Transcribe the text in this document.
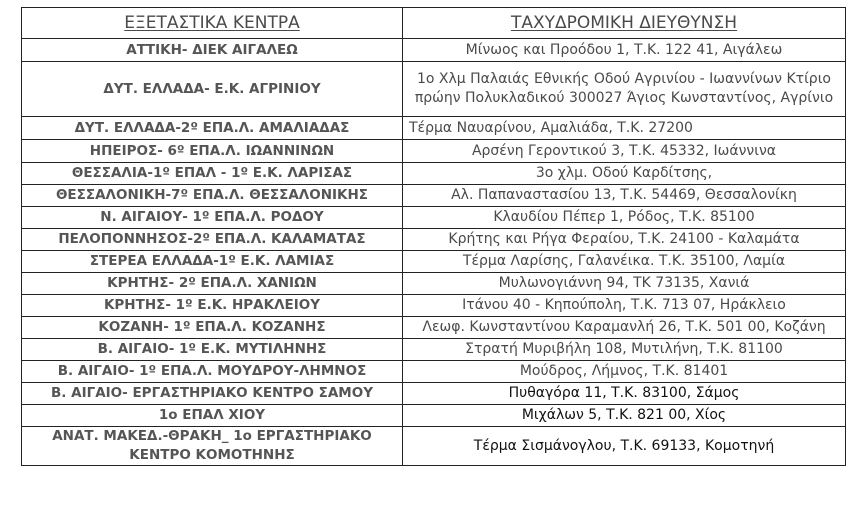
ΕΞΕΤΑΣΤΙΚΑ ΚΕΝΤΡΑ	ΤΑΧΥΔΡΟΜΙΚΗ ΔΙΕΥΘΥΝΣΗ
ΑΤΤΙΚΗ- ΔΙΕΚ ΑΙΓΑΛΕΩ	Μίνωος και Προόδου 1, Τ.Κ. 122 41, Αιγάλεω
ΔΥΤ. ΕΛΛΑΔΑ- Ε.Κ. ΑΓΡΙΝΙΟΥ	1ο Χλμ Παλαιάς Εθνικής Οδού Αγρινίου - Ιωαννίνων Κτίριο πρώην Πολυκλαδικού 300027 Άγιος Κωνσταντίνος, Αγρίνιο
ΔΥΤ. ΕΛΛΑΔΑ-2º ΕΠΑ.Λ. ΑΜΑΛΙΑΔΑΣ	Τέρμα Ναυαρίνου, Αμαλιάδα, Τ.Κ. 27200
ΗΠΕΙΡΟΣ- 6º ΕΠΑ.Λ. ΙΩΑΝΝΙΝΩΝ	Αρσένη Γεροντικού 3, Τ.Κ. 45332, Ιωάννινα
ΘΕΣΣΑΛΙΑ-1º ΕΠΑΛ - 1º Ε.Κ. ΛΑΡΙΣΑΣ	3ο χλμ. Οδού Καρδίτσης,
ΘΕΣΣΑΛΟΝΙΚΗ-7º ΕΠΑ.Λ. ΘΕΣΣΑΛΟΝΙΚΗΣ	Αλ. Παπαναστασίου 13, Τ.Κ. 54469, Θεσσαλονίκη
Ν. ΑΙΓΑΙΟΥ- 1º ΕΠΑ.Λ. ΡΟΔΟΥ	Κλαυδίου Πέπερ 1, Ρόδος, Τ.Κ. 85100
ΠΕΛΟΠΟΝΝΗΣΟΣ-2º ΕΠΑ.Λ. ΚΑΛΑΜΑΤΑΣ	Κρήτης και Ρήγα Φεραίου, Τ.Κ. 24100 - Καλαμάτα
ΣΤΕΡΕΑ ΕΛΛΑΔΑ-1º Ε.Κ. ΛΑΜΙΑΣ	Τέρμα Λαρίσης, Γαλανέικα. Τ.Κ. 35100, Λαμία
ΚΡΗΤΗΣ- 2º ΕΠΑ.Λ. ΧΑΝΙΩΝ	Μυλωνογιάννη 94, ΤΚ 73135, Χανιά
ΚΡΗΤΗΣ- 1º Ε.Κ. ΗΡΑΚΛΕΙΟΥ	Ιτάνου 40 - Κηπούπολη, Τ.Κ. 713 07, Ηράκλειο
ΚΟΖΑΝΗ- 1º ΕΠΑ.Λ. ΚΟΖΑΝΗΣ	Λεωφ. Κωνσταντίνου Καραμανλή 26, Τ.Κ. 501 00, Κοζάνη
Β. ΑΙΓΑΙΟ- 1º Ε.Κ. ΜΥΤΙΛΗΝΗΣ	Στρατή Μυριβήλη 108, Μυτιλήνη, Τ.Κ. 81100
Β. ΑΙΓΑΙΟ- 1º ΕΠΑ.Λ. ΜΟΥΔΡΟΥ-ΛΗΜΝΟΣ	Μούδρος, Λήμνος, Τ.Κ. 81401
Β. ΑΙΓΑΙΟ- ΕΡΓΑΣΤΗΡΙΑΚΟ ΚΕΝΤΡΟ ΣΑΜΟΥ	Πυθαγόρα 11, Τ.Κ. 83100, Σάμος
1ο ΕΠΑΛ ΧΙΟΥ	Μιχάλων 5, Τ.Κ. 821 00, Χίος
ΑΝΑΤ. ΜΑΚΕΔ.-ΘΡΑΚΗ_ 1ο ΕΡΓΑΣΤΗΡΙΑΚΟ ΚΕΝΤΡΟ ΚΟΜΟΤΗΝΗΣ	Τέρμα Σισμάνογλου, Τ.Κ. 69133, Κομοτηνή
